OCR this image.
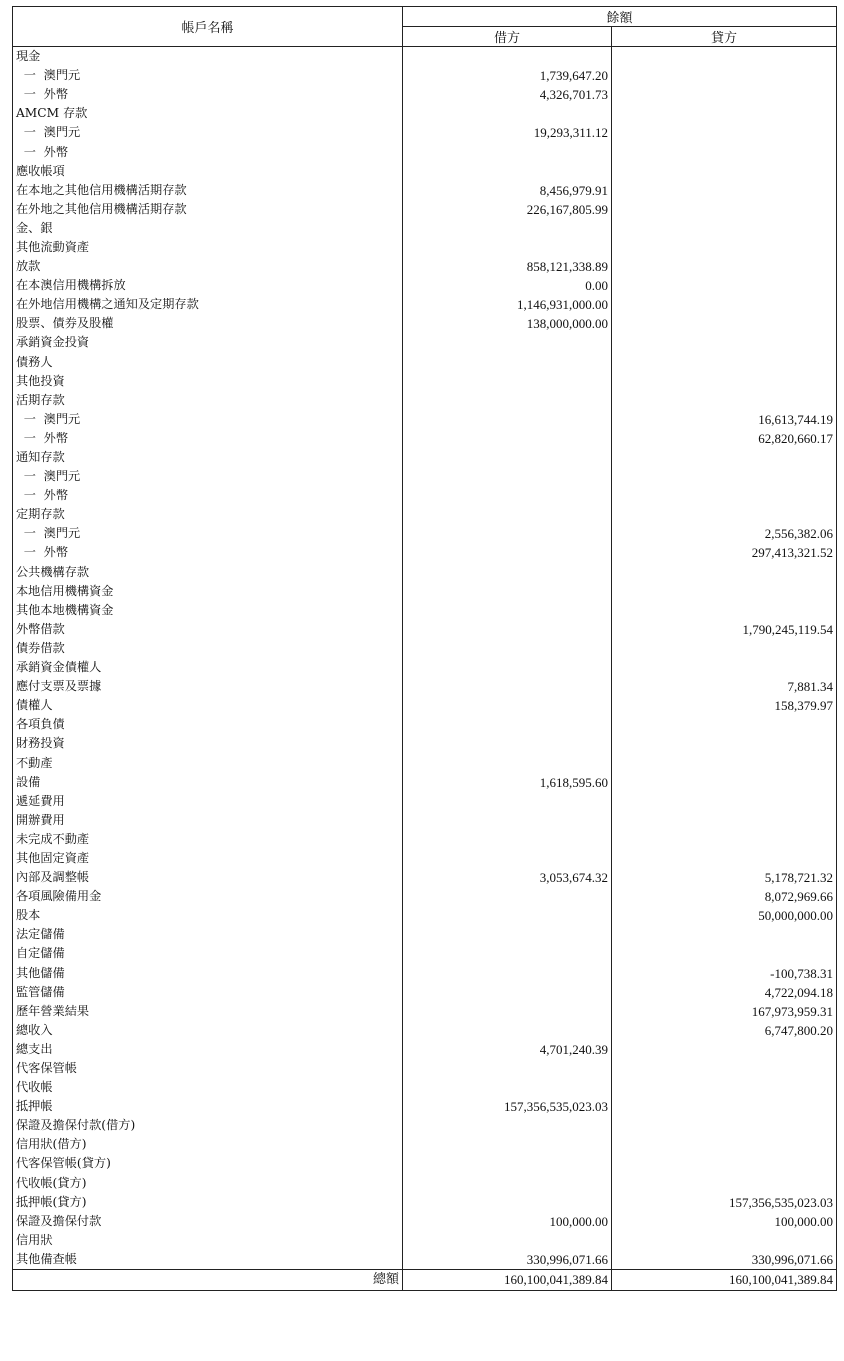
帳戶名稱	餘額	
	借方	貸方
現金		
一  澳門元	1,739,647.20	
一  外幣	4,326,701.73	
AMCM 存款		
一  澳門元	19,293,311.12	
一  外幣		
應收帳項		
在本地之其他信用機構活期存款	8,456,979.91	
在外地之其他信用機構活期存款	226,167,805.99	
金、銀		
其他流動資產		
放款	858,121,338.89	
在本澳信用機構拆放	0.00	
在外地信用機構之通知及定期存款	1,146,931,000.00	
股票、債券及股權	138,000,000.00	
承銷資金投資		
債務人		
其他投資		
活期存款		
一  澳門元		16,613,744.19
一  外幣		62,820,660.17
通知存款		
一  澳門元		
一  外幣		
定期存款		
一  澳門元		2,556,382.06
一  外幣		297,413,321.52
公共機構存款		
本地信用機構資金		
其他本地機構資金		
外幣借款		1,790,245,119.54
債券借款		
承銷資金債權人		
應付支票及票據		7,881.34
債權人		158,379.97
各項負債		
財務投資		
不動產		
設備	1,618,595.60	
遞延費用		
開辦費用		
未完成不動產		
其他固定資產		
內部及調整帳	3,053,674.32	5,178,721.32
各項風險備用金		8,072,969.66
股本		50,000,000.00
法定儲備		
自定儲備		
其他儲備		-100,738.31
監管儲備		4,722,094.18
歷年營業結果		167,973,959.31
總收入		6,747,800.20
總支出	4,701,240.39	
代客保管帳		
代收帳		
抵押帳	157,356,535,023.03	
保證及擔保付款(借方)		
信用狀(借方)		
代客保管帳(貸方)		
代收帳(貸方)		
抵押帳(貸方)		157,356,535,023.03
保證及擔保付款	100,000.00	100,000.00
信用狀		
其他備查帳	330,996,071.66	330,996,071.66
總額	160,100,041,389.84	160,100,041,389.84
